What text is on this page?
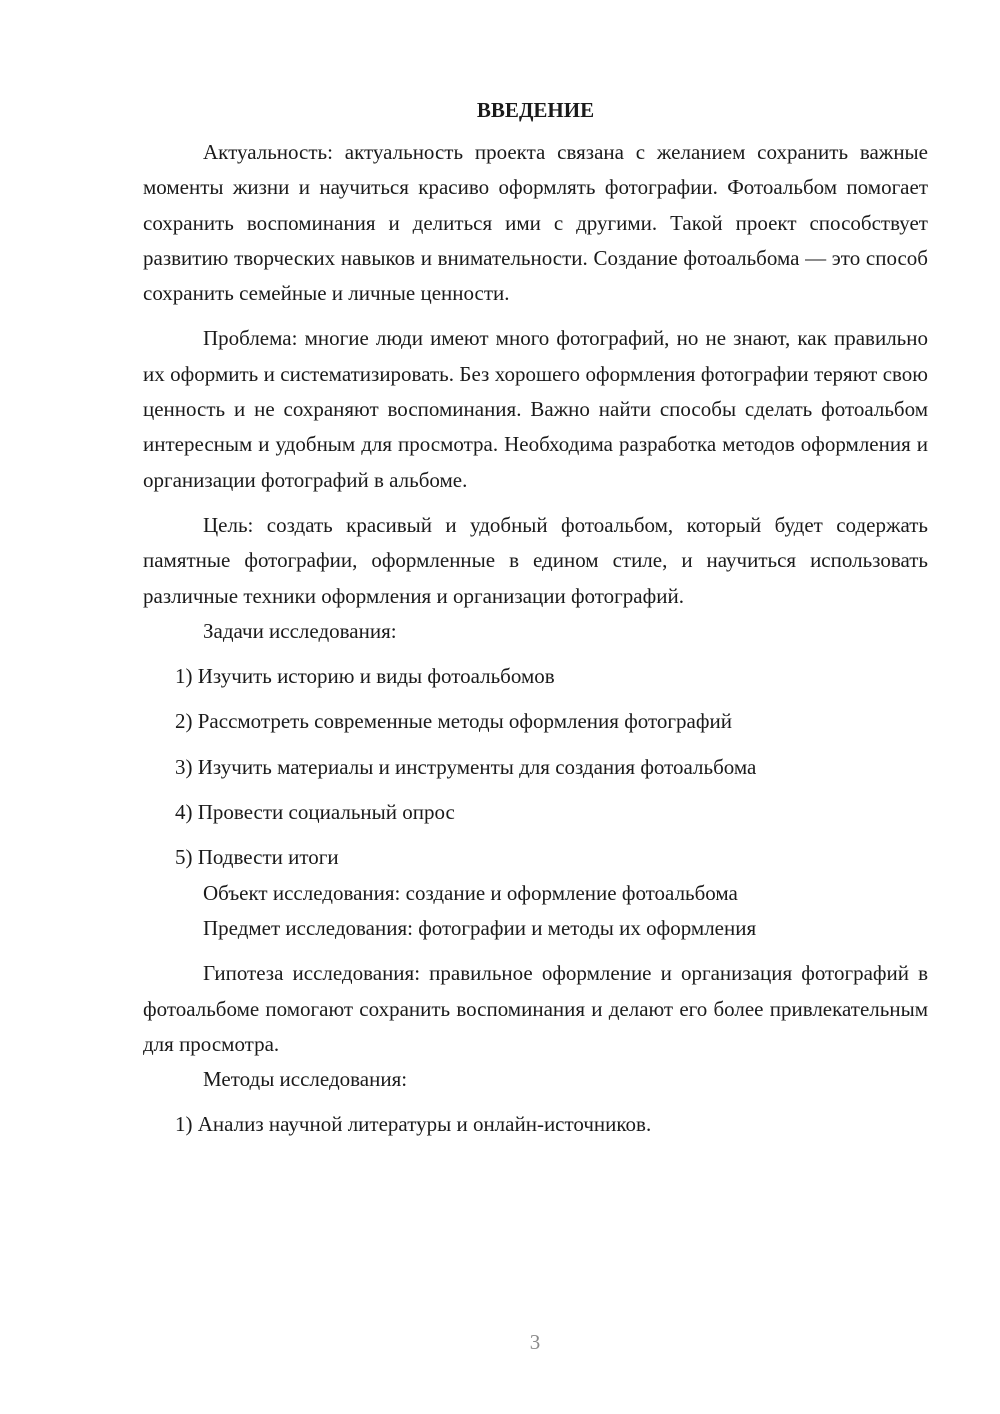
ВВЕДЕНИЕ

Актуальность: актуальность проекта связана с желанием сохранить важные моменты жизни и научиться красиво оформлять фотографии. Фотоальбом помогает сохранить воспоминания и делиться ими с другими. Такой проект способствует развитию творческих навыков и внимательности. Создание фотоальбома — это способ сохранить семейные и личные ценности.

Проблема: многие люди имеют много фотографий, но не знают, как правильно их оформить и систематизировать. Без хорошего оформления фотографии теряют свою ценность и не сохраняют воспоминания. Важно найти способы сделать фотоальбом интересным и удобным для просмотра. Необходима разработка методов оформления и организации фотографий в альбоме.

Цель: создать красивый и удобный фотоальбом, который будет содержать памятные фотографии, оформленные в едином стиле, и научиться использовать различные техники оформления и организации фотографий.

Задачи исследования:
1) Изучить историю и виды фотоальбомов
2) Рассмотреть современные методы оформления фотографий
3) Изучить материалы и инструменты для создания фотоальбома
4) Провести социальный опрос
5) Подвести итоги
Объект исследования: создание и оформление фотоальбома
Предмет исследования: фотографии и методы их оформления

Гипотеза исследования: правильное оформление и организация фотографий в фотоальбоме помогают сохранить воспоминания и делают его более привлекательным для просмотра.

Методы исследования:
1) Анализ научной литературы и онлайн-источников.
3
